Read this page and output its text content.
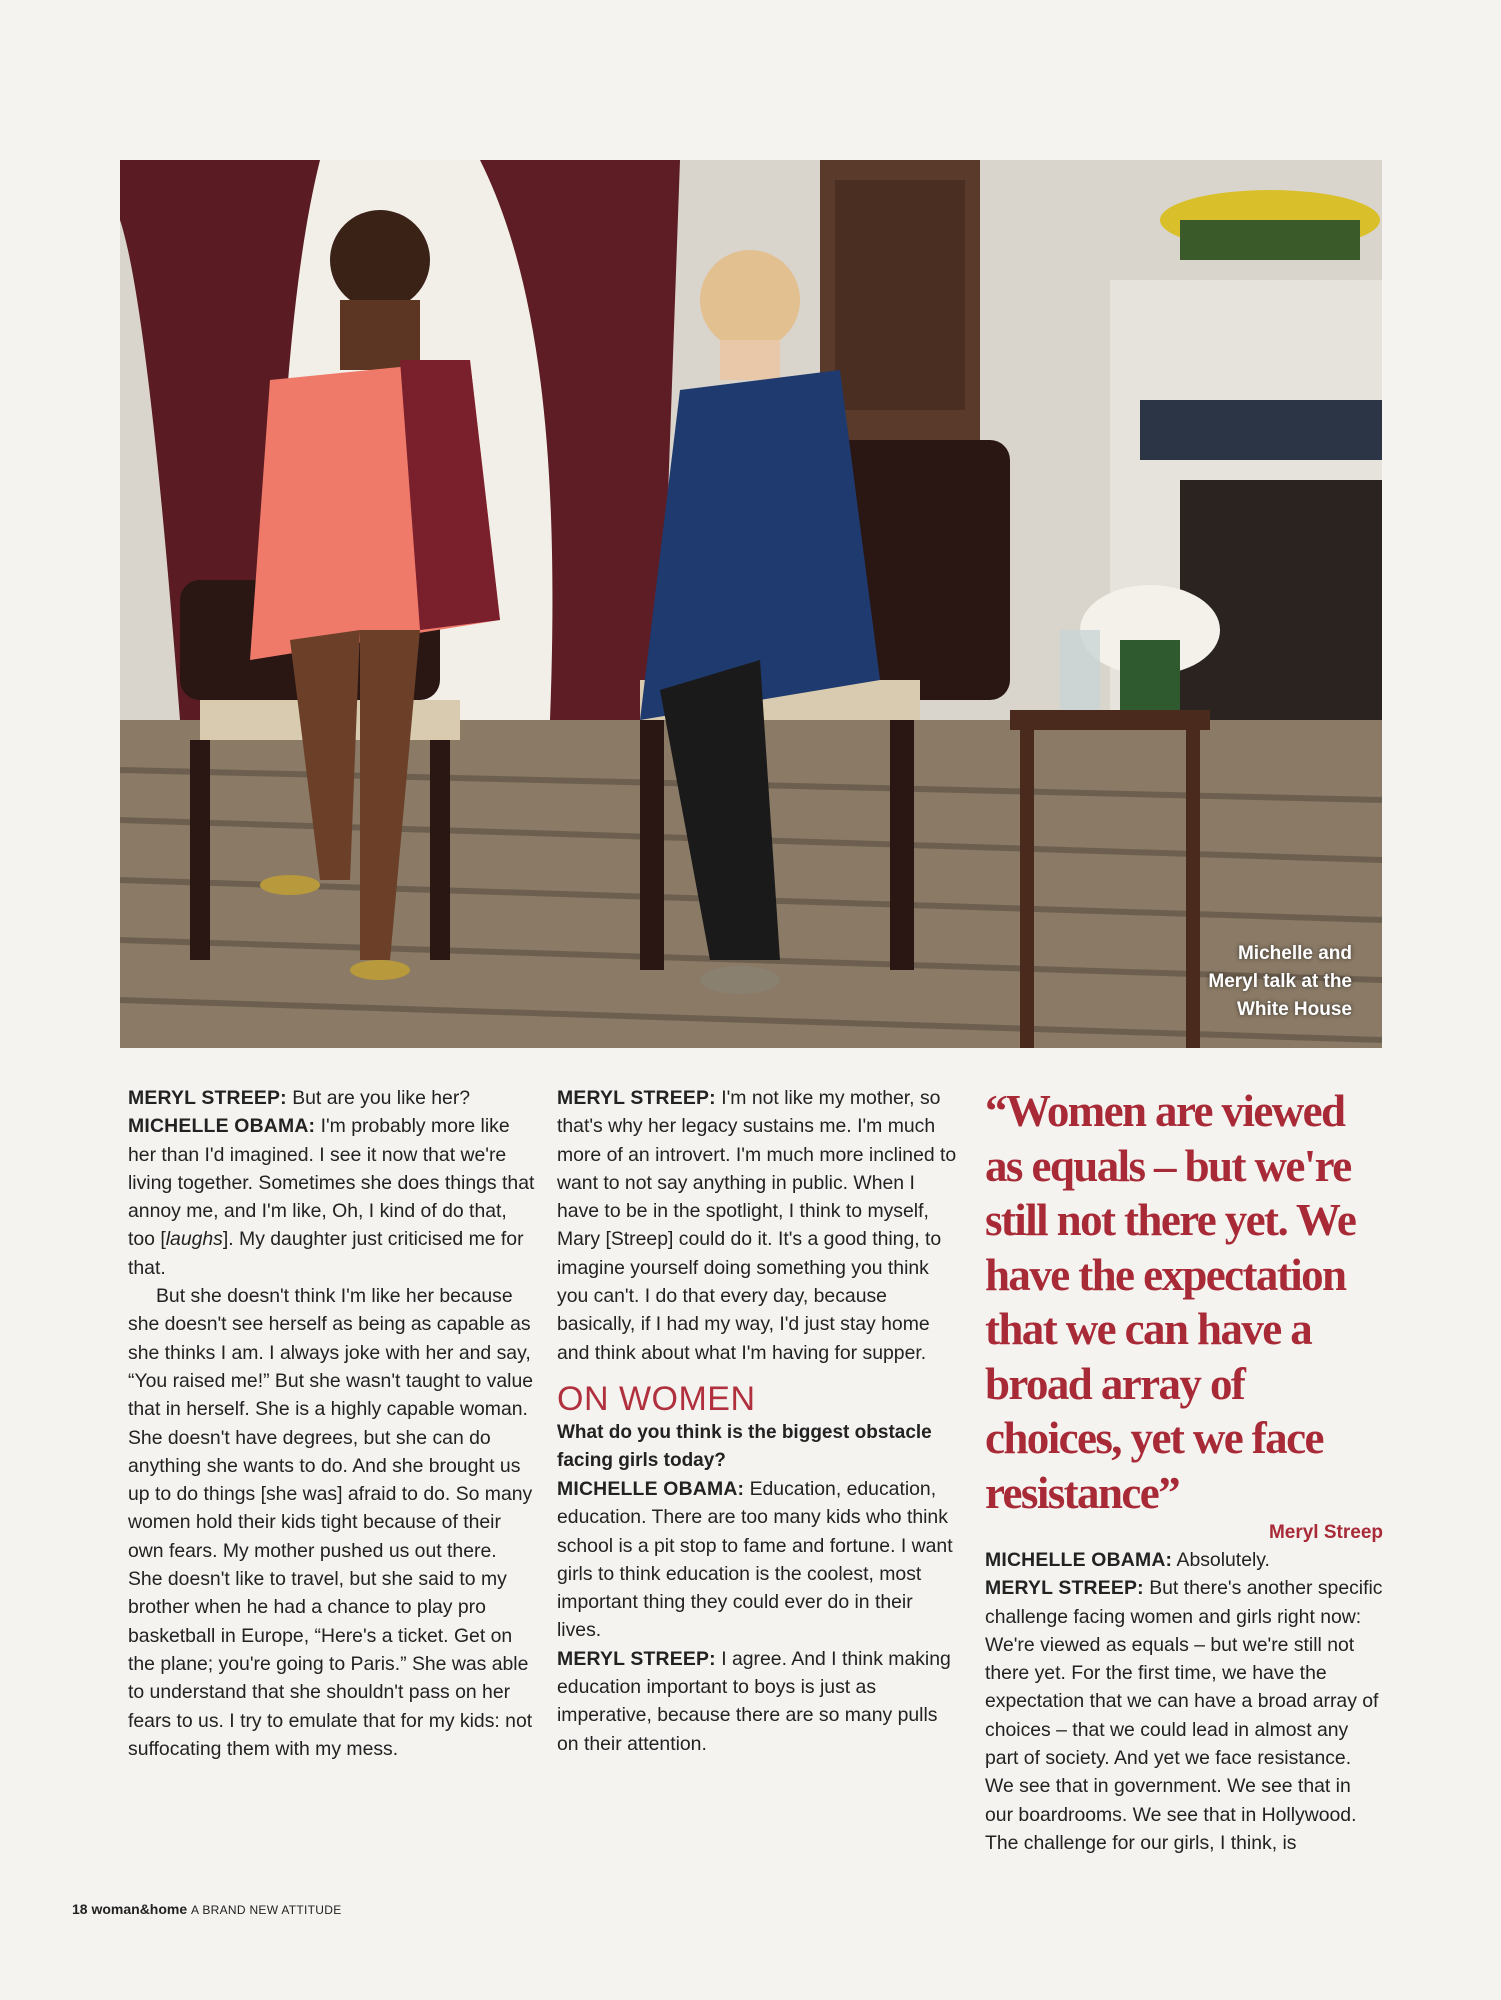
Michelle and
Meryl talk at the
White House

MERYL STREEP: But are you like her?

MICHELLE OBAMA: I'm probably more like her than I'd imagined. I see it now that we're living together. Sometimes she does things that annoy me, and I'm like, Oh, I kind of do that, too [laughs]. My daughter just criticised me for that.

But she doesn't think I'm like her because she doesn't see herself as being as capable as she thinks I am. I always joke with her and say, “You raised me!” But she wasn't taught to value that in herself. She is a highly capable woman. She doesn't have degrees, but she can do anything she wants to do. And she brought us up to do things [she was] afraid to do. So many women hold their kids tight because of their own fears. My mother pushed us out there. She doesn't like to travel, but she said to my brother when he had a chance to play pro basketball in Europe, “Here's a ticket. Get on the plane; you're going to Paris.” She was able to understand that she shouldn't pass on her fears to us. I try to emulate that for my kids: not suffocating them with my mess.

MERYL STREEP: I'm not like my mother, so that's why her legacy sustains me. I'm much more of an introvert. I'm much more inclined to want to not say anything in public. When I have to be in the spotlight, I think to myself, Mary [Streep] could do it. It's a good thing, to imagine yourself doing something you think you can't. I do that every day, because basically, if I had my way, I'd just stay home and think about what I'm having for supper.

ON WOMEN

What do you think is the biggest obstacle facing girls today?

MICHELLE OBAMA: Education, education, education. There are too many kids who think school is a pit stop to fame and fortune. I want girls to think education is the coolest, most important thing they could ever do in their lives.

MERYL STREEP: I agree. And I think making education important to boys is just as imperative, because there are so many pulls on their attention.

“Women are viewed as equals – but we're still not there yet. We have the expectation that we can have a broad array of choices, yet we face resistance”

Meryl Streep

MICHELLE OBAMA: Absolutely.

MERYL STREEP: But there's another specific challenge facing women and girls right now: We're viewed as equals – but we're still not there yet. For the first time, we have the expectation that we can have a broad array of choices – that we could lead in almost any part of society. And yet we face resistance. We see that in government. We see that in our boardrooms. We see that in Hollywood. The challenge for our girls, I think, is

18 woman&home A BRAND NEW ATTITUDE
